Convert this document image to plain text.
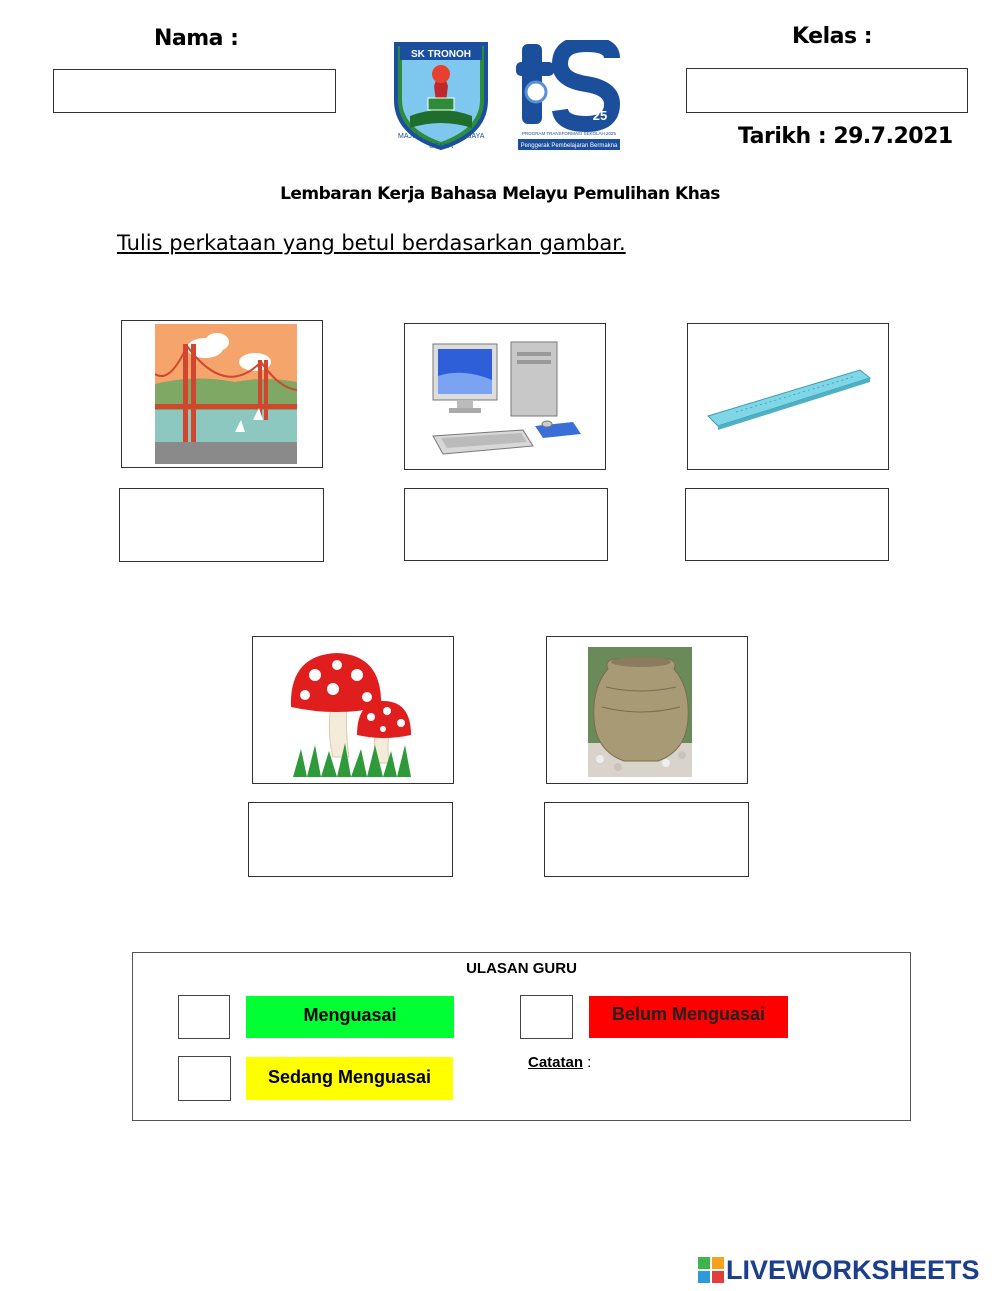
Nama :	Kelas :
Tarikh : 29.7.2021
SK TRONOH
MAJU
USAHA
JAYA
25
PROGRAM TRANSFORMASI SEKOLAH 2025
Penggerak Pembelajaran Bermakna
Lembaran Kerja Bahasa Melayu Pemulihan Khas
Tulis perkataan yang betul berdasarkan gambar.
ULASAN GURU
Menguasai	Belum Menguasai
Sedang Menguasai
Catatan :
LIVEWORKSHEETS
